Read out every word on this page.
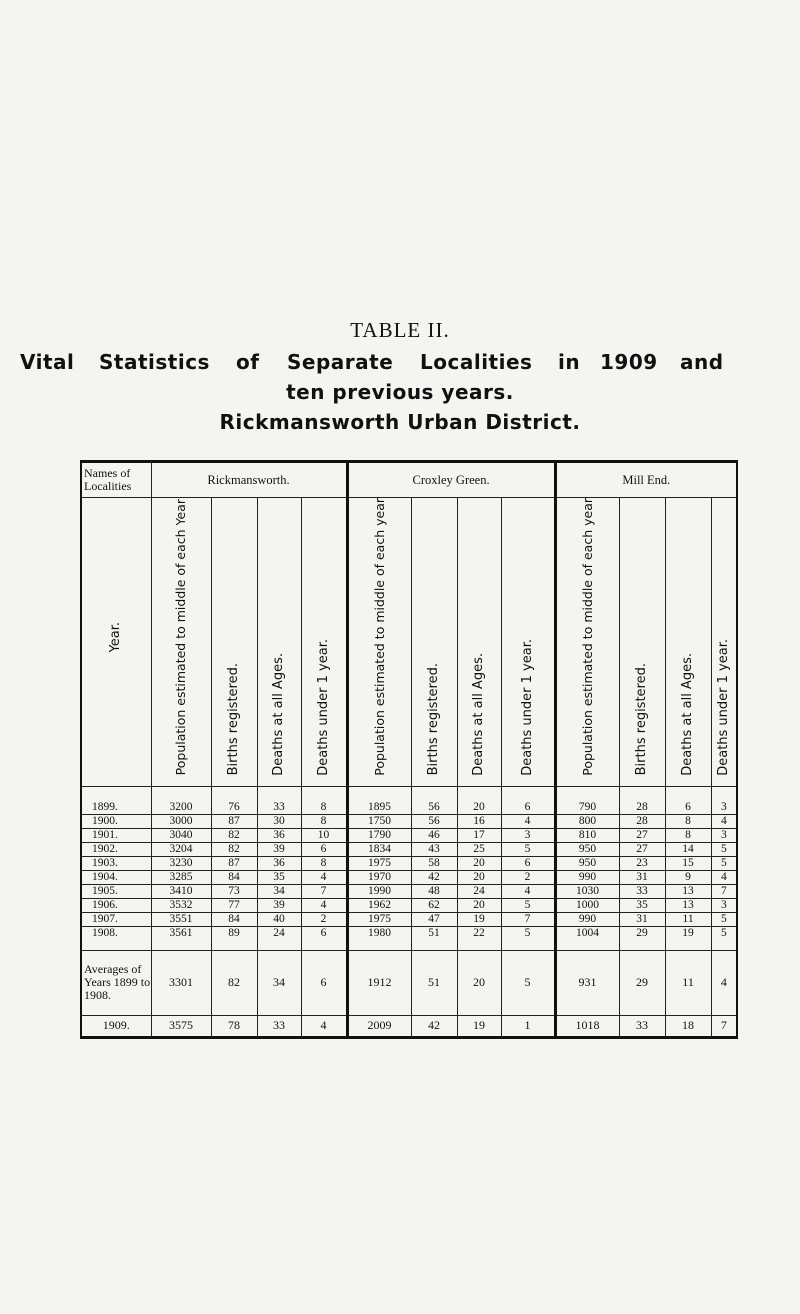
TABLE II.
Vital Statistics of Separate Localities in 1909 and
ten previous years.
Rickmansworth Urban District.
Names of Localities	Rickmansworth.				Croxley Green.				Mill End.			
Year.	Population estimated to middle of each Year	Births registered.	Deaths at all Ages.	Deaths under 1 year.	Population estimated to middle of each year	Births registered.	Deaths at all Ages.	Deaths under 1 year.	Population estimated to middle of each year	Births registered.	Deaths at all Ages.	Deaths under 1 year.
1899.	3200	76	33	8	1895	56	20	6	790	28	6	3
1900.	3000	87	30	8	1750	56	16	4	800	28	8	4
1901.	3040	82	36	10	1790	46	17	3	810	27	8	3
1902.	3204	82	39	6	1834	43	25	5	950	27	14	5
1903.	3230	87	36	8	1975	58	20	6	950	23	15	5
1904.	3285	84	35	4	1970	42	20	2	990	31	9	4
1905.	3410	73	34	7	1990	48	24	4	1030	33	13	7
1906.	3532	77	39	4	1962	62	20	5	1000	35	13	3
1907.	3551	84	40	2	1975	47	19	7	990	31	11	5
1908.	3561	89	24	6	1980	51	22	5	1004	29	19	5
Averages of Years 1899 to 1908.	3301	82	34	6	1912	51	20	5	931	29	11	4
1909.	3575	78	33	4	2009	42	19	1	1018	33	18	7
